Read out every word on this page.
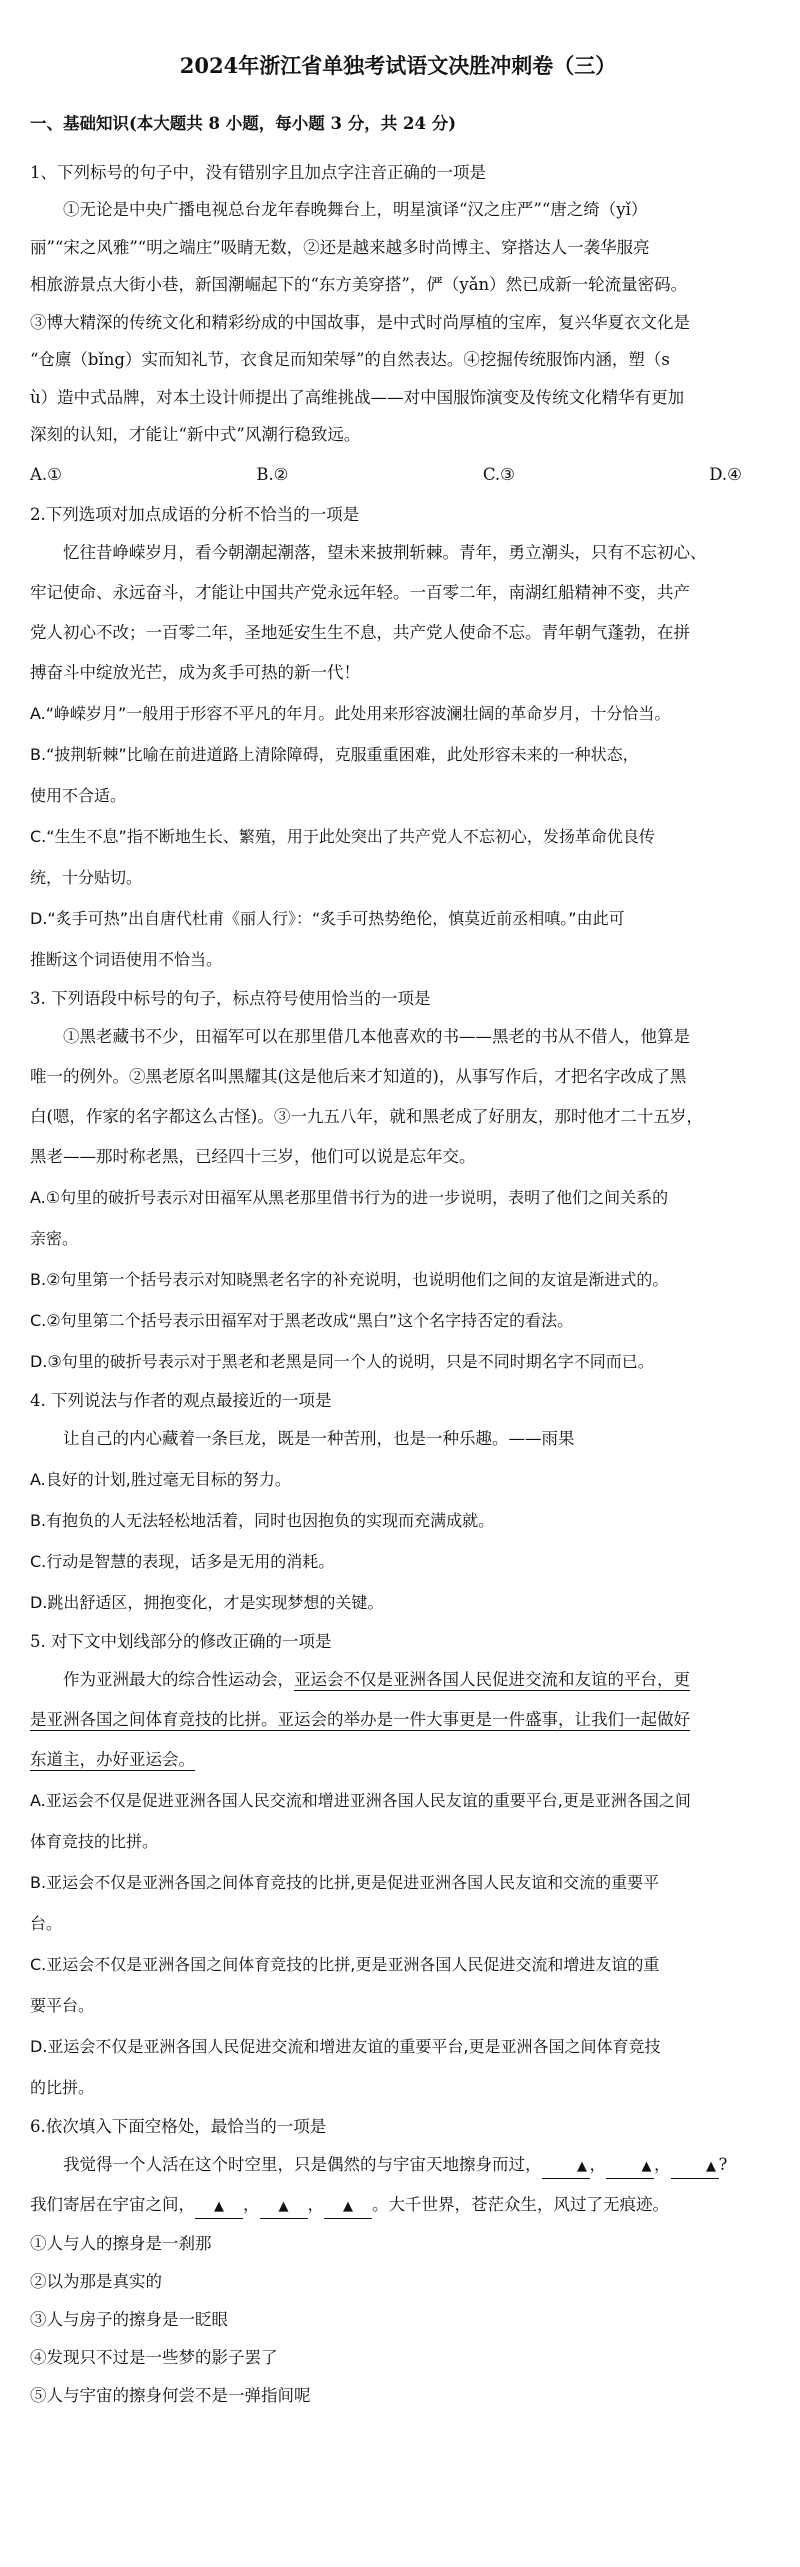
2024年浙江省单独考试语文决胜冲刺卷（三）
一、基础知识(本大题共 8 小题，每小题 3 分，共 24 分)

1、下列标号的句子中，没有错别字且加点字注音正确的一项是

①无论是中央广播电视总台龙年春晚舞台上，明星演译“汉之庄严”“唐之绮（yǐ）

丽”“宋之风雅”“明之端庄”吸睛无数，②还是越来越多时尚博主、穿搭达人一袭华服亮

相旅游景点大街小巷，新国潮崛起下的“东方美穿搭”，俨（yǎn）然已成新一轮流量密码。

③博大精深的传统文化和精彩纷成的中国故事，是中式时尚厚植的宝库，复兴华夏衣文化是

“仓廪（bǐng）实而知礼节，衣食足而知荣辱”的自然表达。④挖掘传统服饰内涵，塑（s

ù）造中式品牌，对本土设计师提出了高维挑战——对中国服饰演变及传统文化精华有更加

深刻的认知，才能让“新中式”风潮行稳致远。

A.①	B.②	C.③	D.④

2.下列选项对加点成语的分析不恰当的一项是

忆往昔峥嵘岁月，看今朝潮起潮落，望未来披荆斩棘。青年，勇立潮头，只有不忘初心、

牢记使命、永远奋斗，才能让中国共产党永远年轻。一百零二年，南湖红船精神不变，共产

党人初心不改；一百零二年，圣地延安生生不息，共产党人使命不忘。青年朝气蓬勃，在拼

搏奋斗中绽放光芒，成为炙手可热的新一代！

A.“峥嵘岁月”一般用于形容不平凡的年月。此处用来形容波澜壮阔的革命岁月，十分恰当。

B.“披荆斩棘”比喻在前进道路上清除障碍，克服重重困难，此处形容未来的一种状态，

使用不合适。

C.“生生不息”指不断地生长、繁殖，用于此处突出了共产党人不忘初心，发扬革命优良传

统，十分贴切。

D.“炙手可热”出自唐代杜甫《丽人行》：“炙手可热势绝伦，慎莫近前丞相嗔。”由此可

推断这个词语使用不恰当。

3. 下列语段中标号的句子，标点符号使用恰当的一项是

①黑老藏书不少，田福军可以在那里借几本他喜欢的书——黑老的书从不借人，他算是

唯一的例外。②黑老原名叫黑耀其(这是他后来才知道的)，从事写作后，才把名字改成了黑

白(嗯，作家的名字都这么古怪)。③一九五八年，就和黑老成了好朋友，那时他才二十五岁，

黑老——那时称老黑，已经四十三岁，他们可以说是忘年交。

A.①句里的破折号表示对田福军从黑老那里借书行为的进一步说明，表明了他们之间关系的

亲密。

B.②句里第一个括号表示对知晓黑老名字的补充说明，也说明他们之间的友谊是渐进式的。

C.②句里第二个括号表示田福军对于黑老改成“黑白”这个名字持否定的看法。

D.③句里的破折号表示对于黑老和老黑是同一个人的说明，只是不同时期名字不同而已。

4. 下列说法与作者的观点最接近的一项是

让自己的内心藏着一条巨龙，既是一种苦刑，也是一种乐趣。——雨果

A.良好的计划,胜过毫无目标的努力。

B.有抱负的人无法轻松地活着，同时也因抱负的实现而充满成就。

C.行动是智慧的表现，话多是无用的消耗。

D.跳出舒适区，拥抱变化，才是实现梦想的关键。

5. 对下文中划线部分的修改正确的一项是

作为亚洲最大的综合性运动会，亚运会不仅是亚洲各国人民促进交流和友谊的平台，更

是亚洲各国之间体育竞技的比拼。亚运会的举办是一件大事更是一件盛事，让我们一起做好

东道主，办好亚运会。

A.亚运会不仅是促进亚洲各国人民交流和增进亚洲各国人民友谊的重要平台,更是亚洲各国之间

体育竞技的比拼。

B.亚运会不仅是亚洲各国之间体育竞技的比拼,更是促进亚洲各国人民友谊和交流的重要平

台。

C.亚运会不仅是亚洲各国之间体育竞技的比拼,更是亚洲各国人民促进交流和增进友谊的重

要平台。

D.亚运会不仅是亚洲各国人民促进交流和增进友谊的重要平台,更是亚洲各国之间体育竞技

的比拼。

6.依次填入下面空格处，最恰当的一项是

我觉得一个人活在这个时空里，只是偶然的与宇宙天地擦身而过，	▲ ，	▲ ，	▲ ?

我们寄居在宇宙之间， ▲ ， ▲ ， ▲ 。大千世界，苍茫众生，风过了无痕迹。

①人与人的擦身是一刹那

②以为那是真实的

③人与房子的擦身是一眨眼

④发现只不过是一些梦的影子罢了

⑤人与宇宙的擦身何尝不是一弹指间呢
